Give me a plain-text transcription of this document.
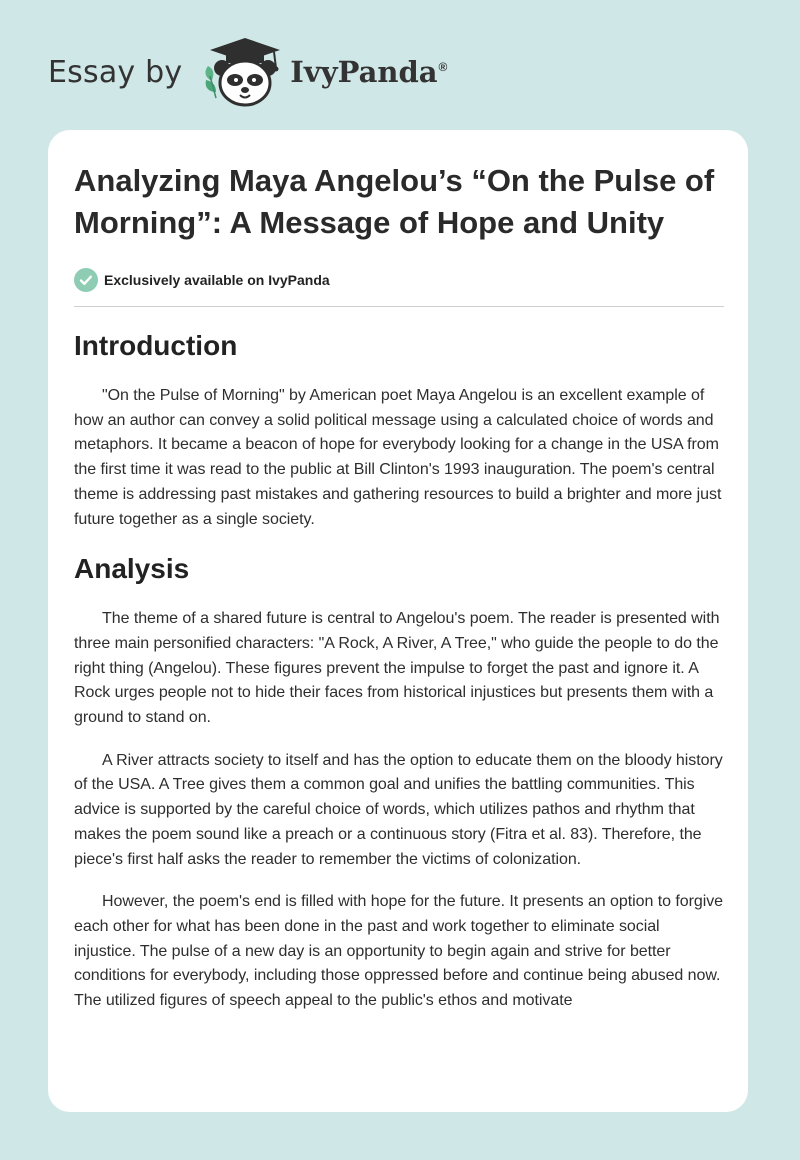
Essay by	IvyPanda®
Analyzing Maya Angelou’s “On the Pulse of Morning”: A Message of Hope and Unity
Exclusively available on IvyPanda
Introduction

"On the Pulse of Morning" by American poet Maya Angelou is an excellent example of how an author can convey a solid political message using a calculated choice of words and metaphors. It became a beacon of hope for everybody looking for a change in the USA from the first time it was read to the public at Bill Clinton's 1993 inauguration. The poem's central theme is addressing past mistakes and gathering resources to build a brighter and more just future together as a single society.

Analysis

The theme of a shared future is central to Angelou's poem. The reader is presented with three main personified characters: "A Rock, A River, A Tree," who guide the people to do the right thing (Angelou). These figures prevent the impulse to forget the past and ignore it. A Rock urges people not to hide their faces from historical injustices but presents them with a ground to stand on.

A River attracts society to itself and has the option to educate them on the bloody history of the USA. A Tree gives them a common goal and unifies the battling communities. This advice is supported by the careful choice of words, which utilizes pathos and rhythm that makes the poem sound like a preach or a continuous story (Fitra et al. 83). Therefore, the piece's first half asks the reader to remember the victims of colonization.

However, the poem's end is filled with hope for the future. It presents an option to forgive each other for what has been done in the past and work together to eliminate social injustice. The pulse of a new day is an opportunity to begin again and strive for better conditions for everybody, including those oppressed before and continue being abused now. The utilized figures of speech appeal to the public's ethos and motivate
